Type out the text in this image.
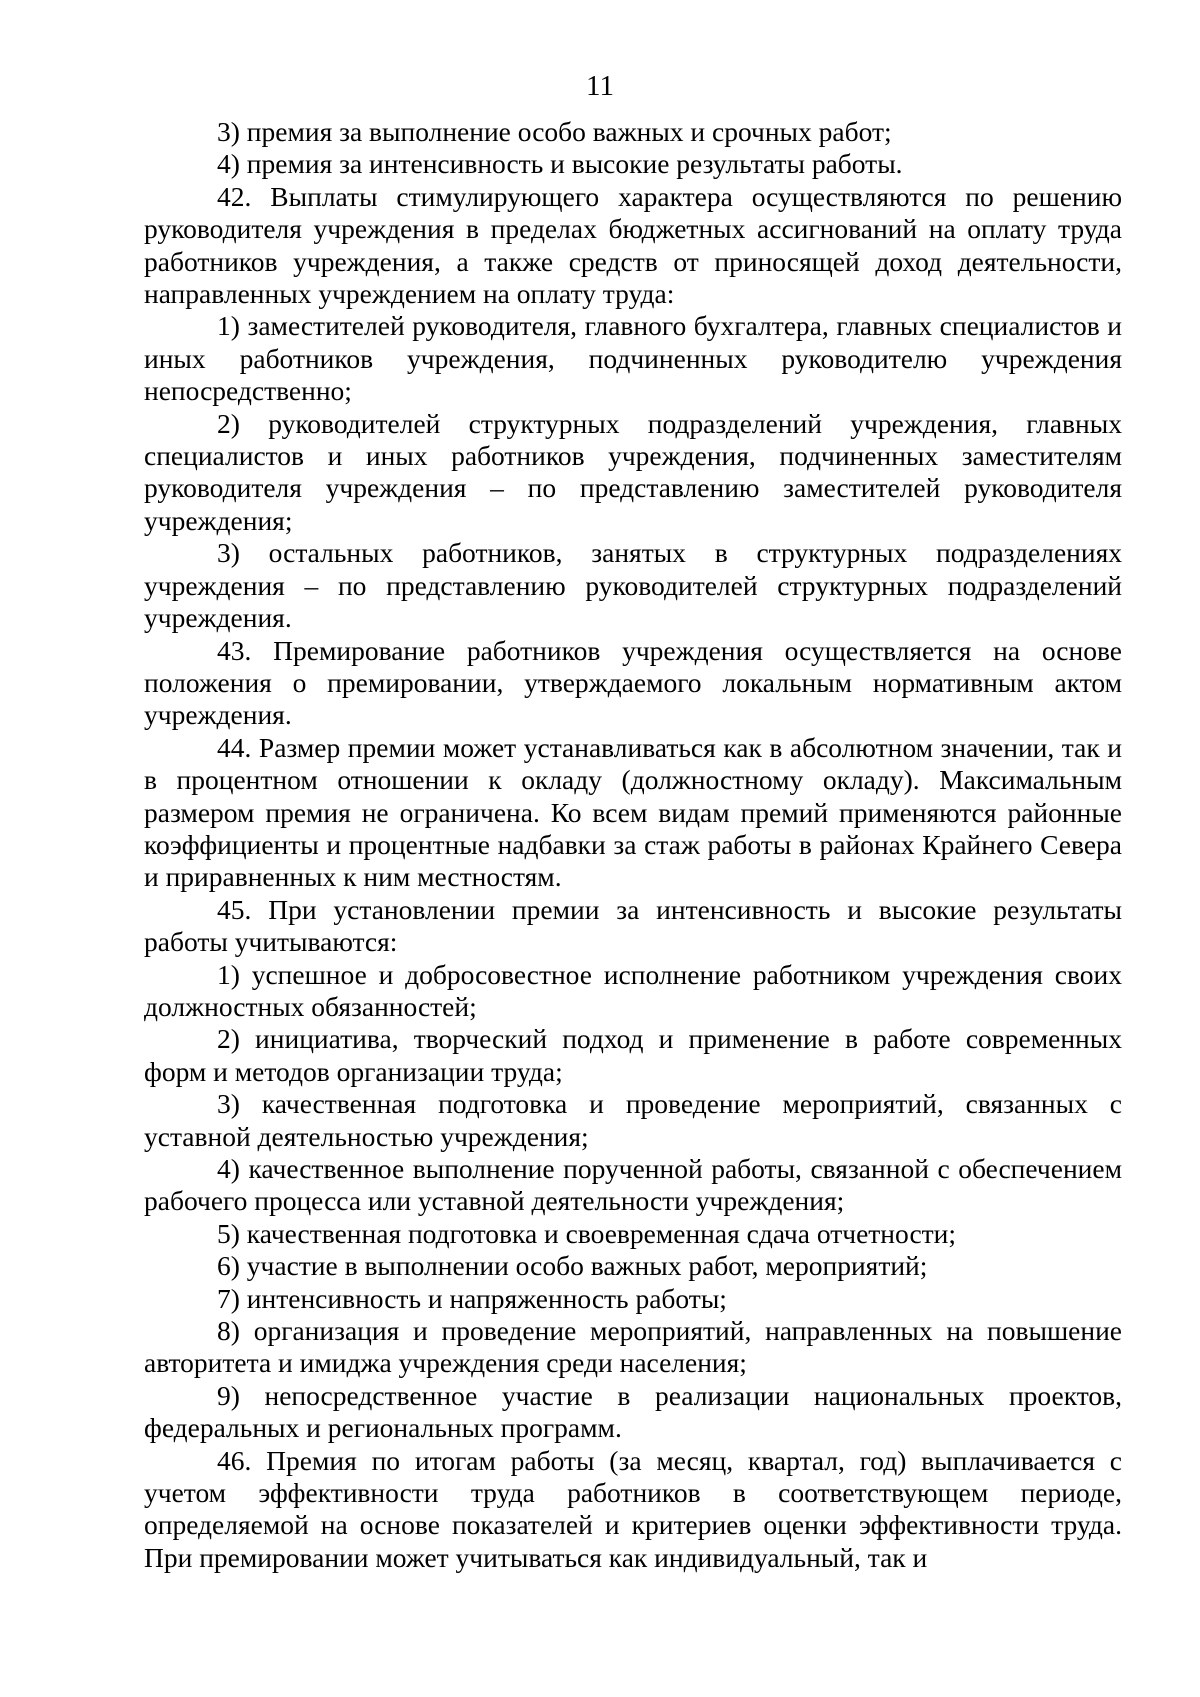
11

3) премия за выполнение особо важных и срочных работ;

4) премия за интенсивность и высокие результаты работы.

42. Выплаты стимулирующего характера осуществляются по решению руководителя учреждения в пределах бюджетных ассигнований на оплату труда работников учреждения, а также средств от приносящей доход деятельности, направленных учреждением на оплату труда:

1) заместителей руководителя, главного бухгалтера, главных специалистов и иных работников учреждения, подчиненных руководителю учреждения непосредственно;

2) руководителей структурных подразделений учреждения, главных специалистов и иных работников учреждения, подчиненных заместителям руководителя учреждения – по представлению заместителей руководителя учреждения;

3) остальных работников, занятых в структурных подразделениях учреждения – по представлению руководителей структурных подразделений учреждения.

43. Премирование работников учреждения осуществляется на основе положения о премировании, утверждаемого локальным нормативным актом учреждения.

44. Размер премии может устанавливаться как в абсолютном значении, так и в процентном отношении к окладу (должностному окладу). Максимальным размером премия не ограничена. Ко всем видам премий применяются районные коэффициенты и процентные надбавки за стаж работы в районах Крайнего Севера и приравненных к ним местностям.

45. При установлении премии за интенсивность и высокие результаты работы учитываются:

1) успешное и добросовестное исполнение работником учреждения своих должностных обязанностей;

2) инициатива, творческий подход и применение в работе современных форм и методов организации труда;

3) качественная подготовка и проведение мероприятий, связанных с уставной деятельностью учреждения;

4) качественное выполнение порученной работы, связанной с обеспечением рабочего процесса или уставной деятельности учреждения;

5) качественная подготовка и своевременная сдача отчетности;

6) участие в выполнении особо важных работ, мероприятий;

7) интенсивность и напряженность работы;

8) организация и проведение мероприятий, направленных на повышение авторитета и имиджа учреждения среди населения;

9) непосредственное участие в реализации национальных проектов, федеральных и региональных программ.

46. Премия по итогам работы (за месяц, квартал, год) выплачивается с учетом эффективности труда работников в соответствующем периоде, определяемой на основе показателей и критериев оценки эффективности труда. При премировании может учитываться как индивидуальный, так и
